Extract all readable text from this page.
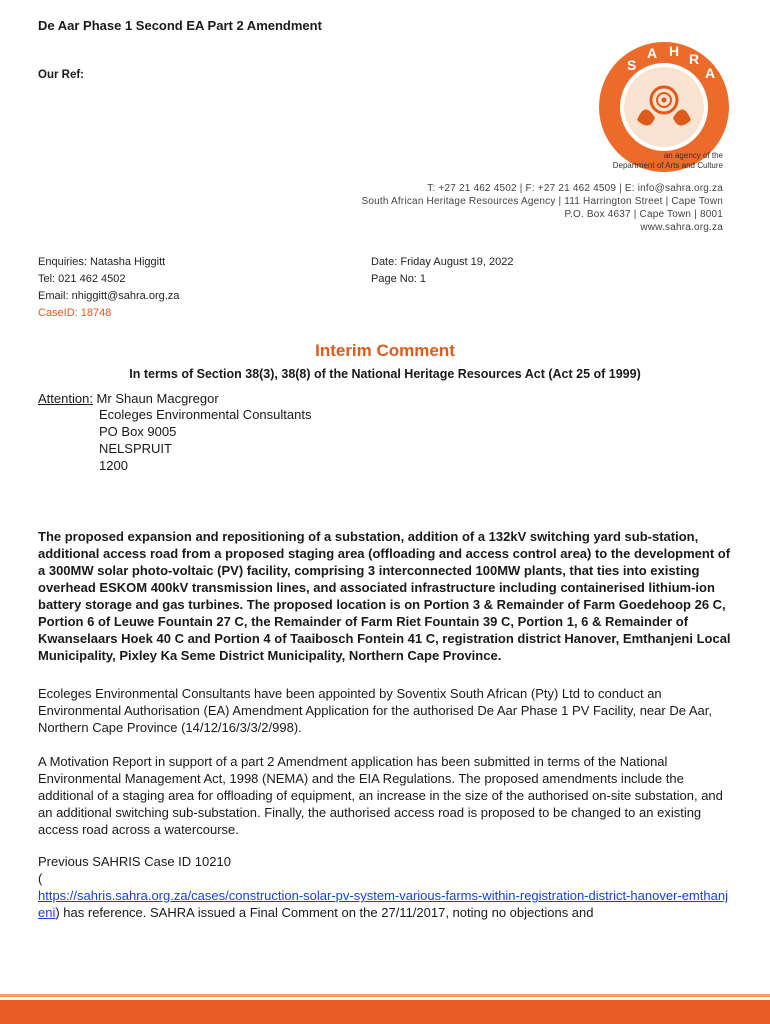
De Aar Phase 1 Second EA Part 2 Amendment
Our Ref:
S
A H R
A
an agency of the
Department of Arts and Culture
T: +27 21 462 4502 | F: +27 21 462 4509 | E: info@sahra.org.za
South African Heritage Resources Agency | 111 Harrington Street | Cape Town
P.O. Box 4637 | Cape Town | 8001
www.sahra.org.za
Enquiries: Natasha Higgitt
Tel: 021 462 4502
Email: nhiggitt@sahra.org.za
CaseID: 18748
Date: Friday August 19, 2022
Page No: 1
Interim Comment
In terms of Section 38(3), 38(8) of the National Heritage Resources Act (Act 25 of 1999)
Attention: Mr Shaun Macgregor
Ecoleges Environmental Consultants
PO Box 9005
NELSPRUIT
1200

The proposed expansion and repositioning of a substation, addition of a 132kV switching yard sub-station, additional access road from a proposed staging area (offloading and access control area) to the development of a 300MW solar photo-voltaic (PV) facility, comprising 3 interconnected 100MW plants, that ties into existing overhead ESKOM 400kV transmission lines, and associated infrastructure including containerised lithium-ion battery storage and gas turbines. The proposed location is on Portion 3 & Remainder of Farm Goedehoop 26 C, Portion 6 of Leuwe Fountain 27 C, the Remainder of Farm Riet Fountain 39 C, Portion 1, 6 & Remainder of Kwanselaars Hoek 40 C and Portion 4 of Taaibosch Fontein 41 C, registration district Hanover, Emthanjeni Local Municipality, Pixley Ka Seme District Municipality, Northern Cape Province.

Ecoleges Environmental Consultants have been appointed by Soventix South African (Pty) Ltd to conduct an Environmental Authorisation (EA) Amendment Application for the authorised De Aar Phase 1 PV Facility, near De Aar, Northern Cape Province (14/12/16/3/3/2/998).

A Motivation Report in support of a part 2 Amendment application has been submitted in terms of the National Environmental Management Act, 1998 (NEMA) and the EIA Regulations. The proposed amendments include the additional of a staging area for offloading of equipment, an increase in the size of the authorised on-site substation, and an additional switching sub-substation. Finally, the authorised access road is proposed to be changed to an existing access road across a watercourse.

Previous SAHRIS Case ID 10210

(

https://sahris.sahra.org.za/cases/construction-solar-pv-system-various-farms-within-registration-district-hanover-emthanjeni) has reference. SAHRA issued a Final Comment on the 27/11/2017, noting no objections and
